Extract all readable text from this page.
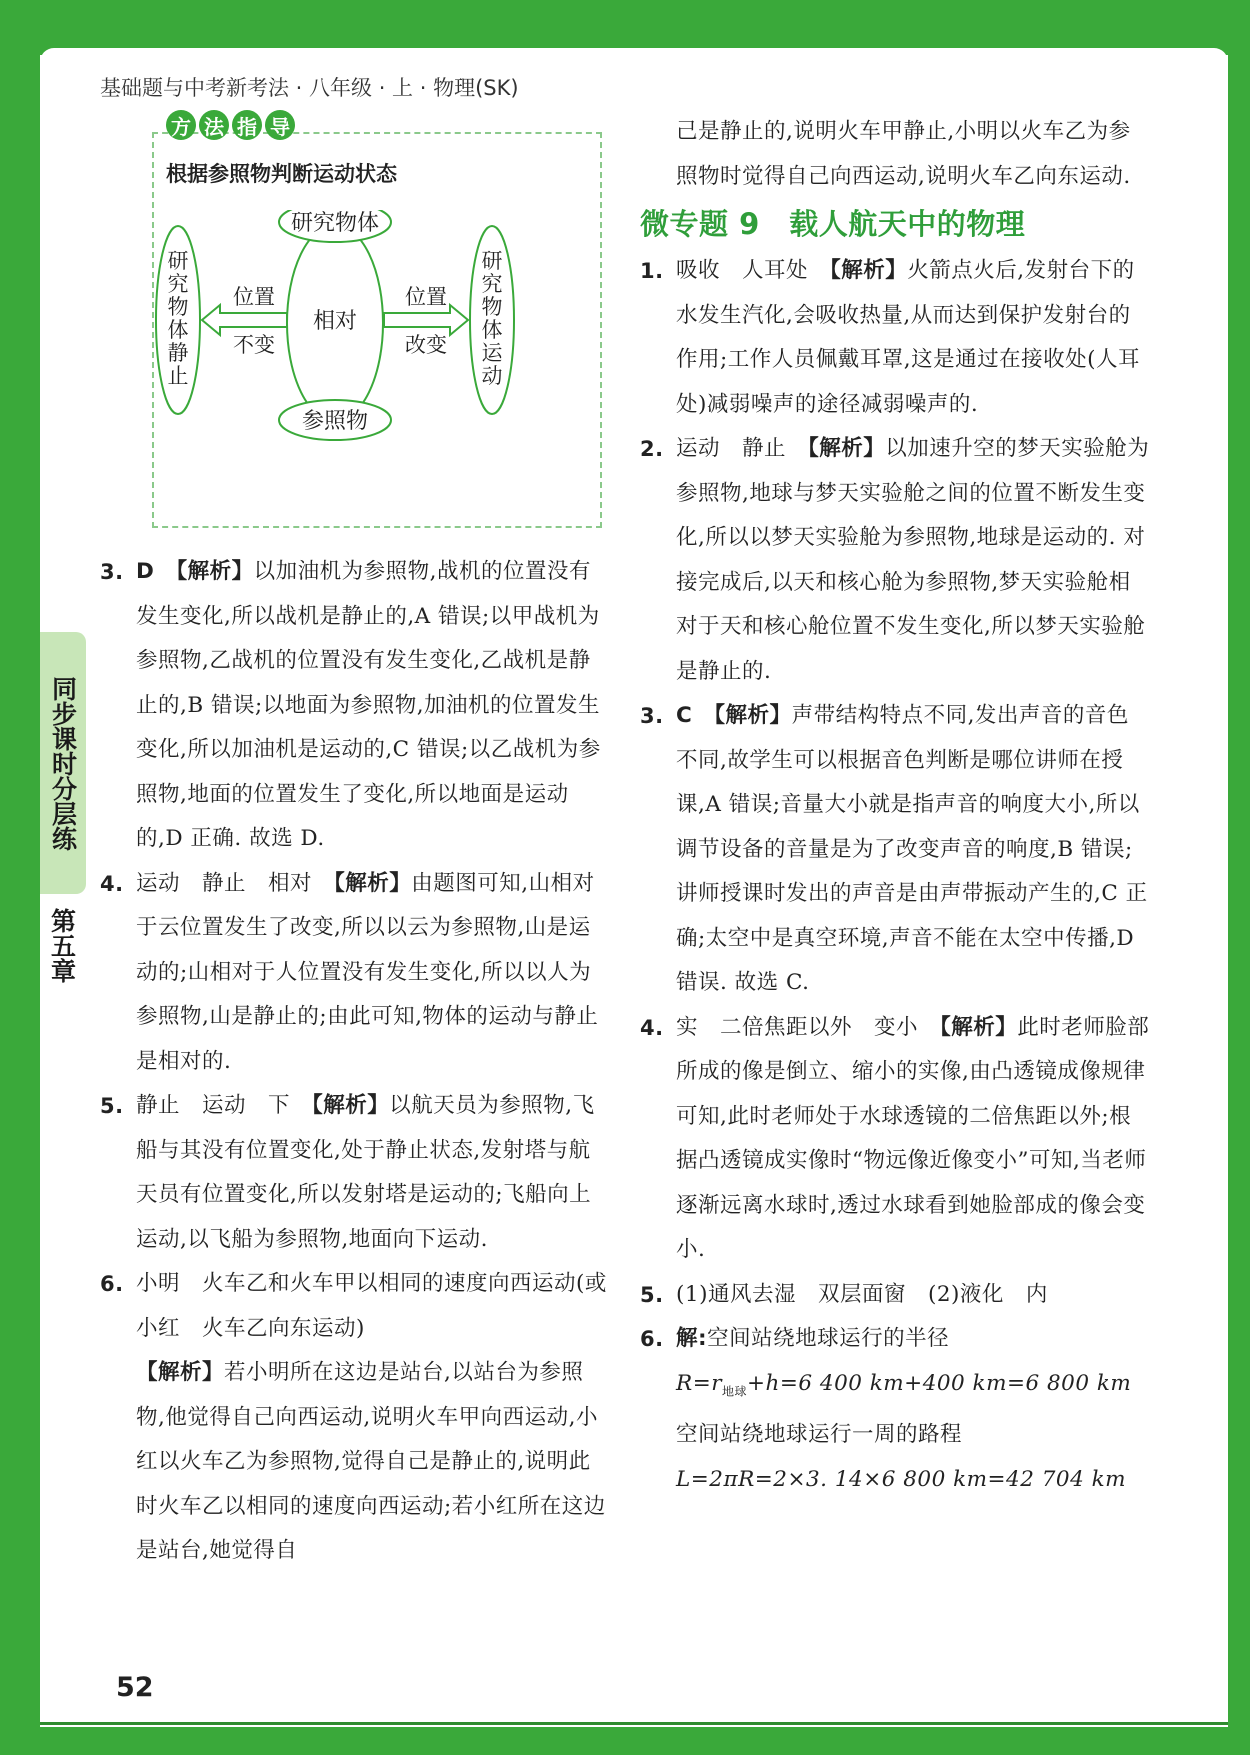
基础题与中考新考法 · 八年级 · 上 · 物理(SK)
同步课时分层练
第五章
方 法 指 导
根据参照物判断运动状态
研究物体
参照物
相对
位置
不变
位置
改变
研
究
物
体
静
止
研
究
物
体
运
动

3. D　 【解析】以加油机为参照物,战机的位置没有发生变化,所以战机是静止的,A 错误;以甲战机为参照物,乙战机的位置没有发生变化,乙战机是静止的,B 错误;以地面为参照物,加油机的位置发生变化,所以加油机是运动的,C 错误;以乙战机为参照物,地面的位置发生了变化,所以地面是运动的,D 正确. 故选 D.

4. 运动　静止　相对　 【解析】由题图可知,山相对于云位置发生了改变,所以以云为参照物,山是运动的;山相对于人位置没有发生变化,所以以人为参照物,山是静止的;由此可知,物体的运动与静止是相对的.

5. 静止　运动　下　 【解析】以航天员为参照物,飞船与其没有位置变化,处于静止状态,发射塔与航天员有位置变化,所以发射塔是运动的;飞船向上运动,以飞船为参照物,地面向下运动.

6. 小明　火车乙和火车甲以相同的速度向西运动(或小红　火车乙向东运动)

【解析】若小明所在这边是站台,以站台为参照物,他觉得自己向西运动,说明火车甲向西运动,小红以火车乙为参照物,觉得自己是静止的,说明此时火车乙以相同的速度向西运动;若小红所在这边是站台,她觉得自

己是静止的,说明火车甲静止,小明以火车乙为参照物时觉得自己向西运动,说明火车乙向东运动.

微专题 9　载人航天中的物理

1. 吸收　人耳处　 【解析】火箭点火后,发射台下的水发生汽化,会吸收热量,从而达到保护发射台的作用;工作人员佩戴耳罩,这是通过在接收处(人耳处)减弱噪声的途径减弱噪声的.

2. 运动　静止　 【解析】以加速升空的梦天实验舱为参照物,地球与梦天实验舱之间的位置不断发生变化,所以以梦天实验舱为参照物,地球是运动的. 对接完成后,以天和核心舱为参照物,梦天实验舱相对于天和核心舱位置不发生变化,所以梦天实验舱是静止的.

3. C　 【解析】声带结构特点不同,发出声音的音色不同,故学生可以根据音色判断是哪位讲师在授课,A 错误;音量大小就是指声音的响度大小,所以调节设备的音量是为了改变声音的响度,B 错误;讲师授课时发出的声音是由声带振动产生的,C 正确;太空中是真空环境,声音不能在太空中传播,D 错误. 故选 C.

4. 实　二倍焦距以外　变小　 【解析】此时老师脸部所成的像是倒立、缩小的实像,由凸透镜成像规律可知,此时老师处于水球透镜的二倍焦距以外;根据凸透镜成实像时“物远像近像变小”可知,当老师逐渐远离水球时,透过水球看到她脸部成的像会变小.

5. (1)通风去湿　双层面窗　(2)液化　内

6. 解:空间站绕地球运行的半径

$R=r_{地球}+h=6$ 400 km+400 km=6 800 km

空间站绕地球运行一周的路程

L=2πR=2×3. 14×6 800 km=42 704 km

52
